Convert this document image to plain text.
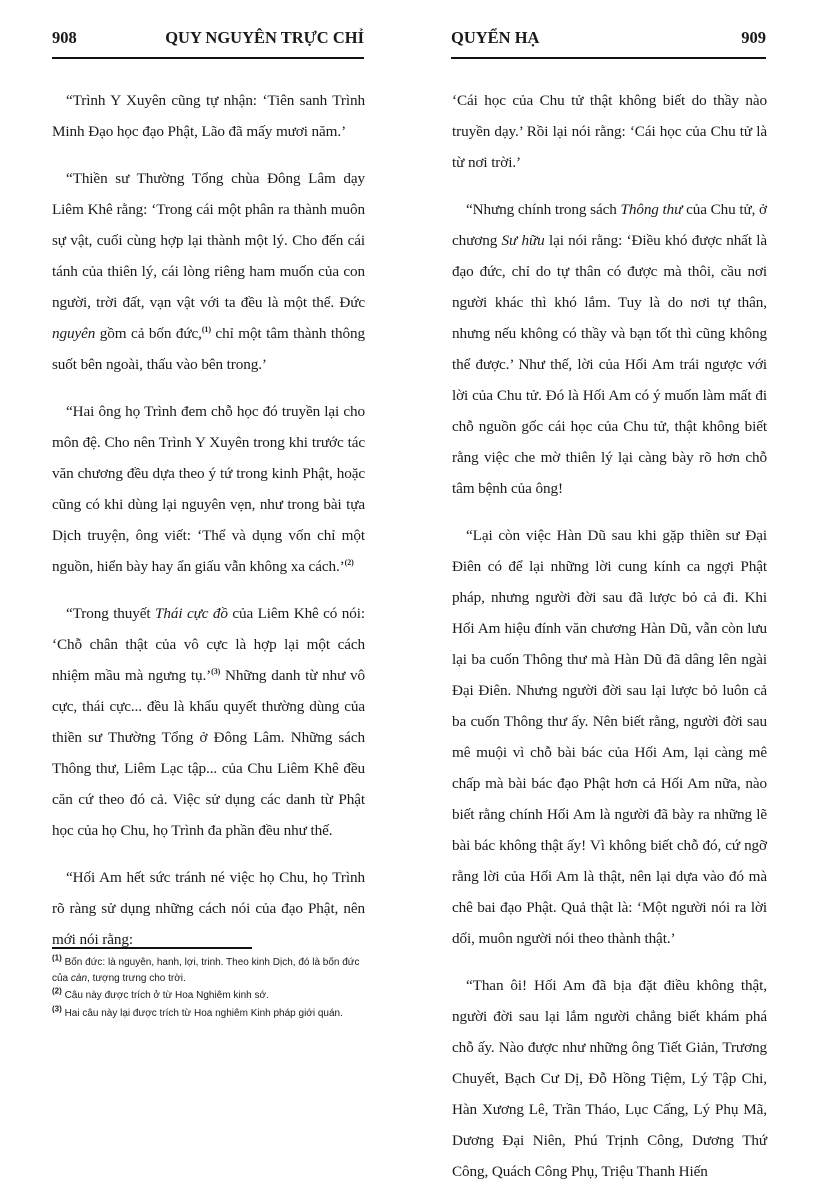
908	QUY NGUYÊN TRỰC CHỈ

“Trình Y Xuyên cũng tự nhận: ‘Tiên sanh Trình Minh Đạo học đạo Phật, Lão đã mấy mươi năm.’

“Thiền sư Thường Tổng chùa Đông Lâm dạy Liêm Khê rằng: ‘Trong cái một phân ra thành muôn sự vật, cuối cùng hợp lại thành một lý. Cho đến cái tánh của thiên lý, cái lòng riêng ham muốn của con người, trời đất, vạn vật với ta đều là một thể. Đức nguyên gồm cả bốn đức,$^{(1)}$ chỉ một tâm thành thông suốt bên ngoài, thấu vào bên trong.’

“Hai ông họ Trình đem chỗ học đó truyền lại cho môn đệ. Cho nên Trình Y Xuyên trong khi trước tác văn chương đều dựa theo ý tứ trong kinh Phật, hoặc cũng có khi dùng lại nguyên vẹn, như trong bài tựa Dịch truyện, ông viết: ‘Thể và dụng vốn chỉ một nguồn, hiển bày hay ẩn giấu vẫn không xa cách.’$^{(2)}$

“Trong thuyết Thái cực đồ của Liêm Khê có nói: ‘Chỗ chân thật của vô cực là hợp lại một cách nhiệm mầu mà ngưng tụ.’$^{(3)}$ Những danh từ như vô cực, thái cực... đều là khẩu quyết thường dùng của thiền sư Thường Tổng ở Đông Lâm. Những sách Thông thư, Liêm Lạc tập... của Chu Liêm Khê đều căn cứ theo đó cả. Việc sử dụng các danh từ Phật học của họ Chu, họ Trình đa phần đều như thế.

“Hối Am hết sức tránh né việc họ Chu, họ Trình rõ ràng sử dụng những cách nói của đạo Phật, nên mới nói rằng:

$^{(1)}$ Bốn đức: là nguyên, hanh, lợi, trinh. Theo kinh Dịch, đó là bốn đức của càn, tượng trưng cho trời.
$^{(2)}$ Câu này được trích ở từ Hoa Nghiêm kinh sớ.
$^{(3)}$ Hai câu này lại được trích từ Hoa nghiêm Kinh pháp giới quán.
QUYỂN HẠ	909

‘Cái học của Chu tử thật không biết do thầy nào truyền dạy.’ Rồi lại nói rằng: ‘Cái học của Chu tử là từ nơi trời.’

“Nhưng chính trong sách Thông thư của Chu tử, ở chương Sư hữu lại nói rằng: ‘Điều khó được nhất là đạo đức, chỉ do tự thân có được mà thôi, cầu nơi người khác thì khó lắm. Tuy là do nơi tự thân, nhưng nếu không có thầy và bạn tốt thì cũng không thể được.’ Như thế, lời của Hối Am trái ngược với lời của Chu tử. Đó là Hối Am có ý muốn làm mất đi chỗ nguồn gốc cái học của Chu tử, thật không biết rằng việc che mờ thiên lý lại càng bày rõ hơn chỗ tâm bệnh của ông!

“Lại còn việc Hàn Dũ sau khi gặp thiền sư Đại Điên có để lại những lời cung kính ca ngợi Phật pháp, nhưng người đời sau đã lược bỏ cả đi. Khi Hối Am hiệu đính văn chương Hàn Dũ, vẫn còn lưu lại ba cuốn Thông thư mà Hàn Dũ đã dâng lên ngài Đại Điên. Nhưng người đời sau lại lược bỏ luôn cả ba cuốn Thông thư ấy. Nên biết rằng, người đời sau mê muội vì chỗ bài bác của Hối Am, lại càng mê chấp mà bài bác đạo Phật hơn cả Hối Am nữa, nào biết rằng chính Hối Am là người đã bày ra những lẽ bài bác không thật ấy! Vì không biết chỗ đó, cứ ngỡ rằng lời của Hối Am là thật, nên lại dựa vào đó mà chê bai đạo Phật. Quả thật là: ‘Một người nói ra lời dối, muôn người nói theo thành thật.’

“Than ôi! Hối Am đã bịa đặt điều không thật, người đời sau lại lắm người chẳng biết khám phá chỗ ấy. Nào được như những ông Tiết Giản, Trương Chuyết, Bạch Cư Dị, Đỗ Hồng Tiệm, Lý Tập Chi, Hàn Xương Lê, Trần Tháo, Lục Cấng, Lý Phụ Mã, Dương Đại Niên, Phú Trịnh Công, Dương Thứ Công, Quách Công Phụ, Triệu Thanh Hiến
